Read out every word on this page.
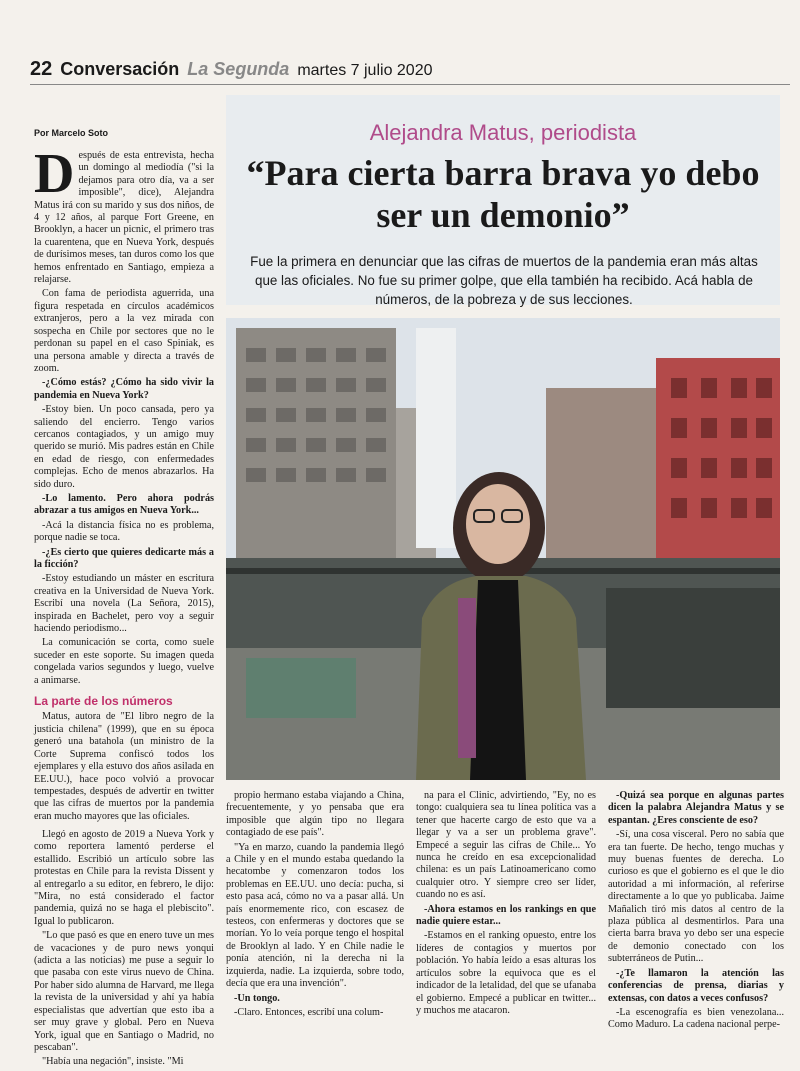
22 Conversación La Segunda martes 7 julio 2020
Por Marcelo Soto

Después de esta entrevista, hecha un domingo al mediodía ("si la dejamos para otro día, va a ser imposible", dice), Alejandra Matus irá con su marido y sus dos niños, de 4 y 12 años, al parque Fort Greene, en Brooklyn, a hacer un picnic, el primero tras la cuarentena, que en Nueva York, después de durísimos meses, tan duros como los que hemos enfrentado en Santiago, empieza a relajarse.

Con fama de periodista aguerrida, una figura respetada en círculos académicos extranjeros, pero a la vez mirada con sospecha en Chile por sectores que no le perdonan su papel en el caso Spiniak, es una persona amable y directa a través de zoom.

-¿Cómo estás? ¿Cómo ha sido vivir la pandemia en Nueva York?

-Estoy bien. Un poco cansada, pero ya saliendo del encierro. Tengo varios cercanos contagiados, y un amigo muy querido se murió. Mis padres están en Chile en edad de riesgo, con enfermedades complejas. Echo de menos abrazarlos. Ha sido duro.

-Lo lamento. Pero ahora podrás abrazar a tus amigos en Nueva York...

-Acá la distancia física no es problema, porque nadie se toca.

-¿Es cierto que quieres dedicarte más a la ficción?

-Estoy estudiando un máster en escritura creativa en la Universidad de Nueva York. Escribí una novela (La Señora, 2015), inspirada en Bachelet, pero voy a seguir haciendo periodismo...

La comunicación se corta, como suele suceder en este soporte. Su imagen queda congelada varios segundos y luego, vuelve a animarse.

La parte de los números

Matus, autora de "El libro negro de la justicia chilena" (1999), que en su época generó una batahola (un ministro de la Corte Suprema confiscó todos los ejemplares y ella estuvo dos años asilada en EE.UU.), hace poco volvió a provocar tempestades, después de advertir en twitter que las cifras de muertos por la pandemia eran mucho mayores que las oficiales.

Alejandra Matus, periodista
“Para cierta barra brava yo debo ser un demonio”
Fue la primera en denunciar que las cifras de muertos de la pandemia eran más altas que las oficiales. No fue su primer golpe, que ella también ha recibido. Acá habla de números, de la pobreza y de sus lecciones.

Llegó en agosto de 2019 a Nueva York y como reportera lamentó perderse el estallido. Escribió un artículo sobre las protestas en Chile para la revista Dissent y al entregarlo a su editor, en febrero, le dijo: "Mira, no está considerado el factor pandemia, quizá no se haga el plebiscito". Igual lo publicaron.

"Lo que pasó es que en enero tuve un mes de vacaciones y de puro news yonqui (adicta a las noticias) me puse a seguir lo que pasaba con este virus nuevo de China. Por haber sido alumna de Harvard, me llega la revista de la universidad y ahí ya había especialistas que advertían que esto iba a ser muy grave y global. Pero en Nueva York, igual que en Santiago o Madrid, no pescaban".

"Había una negación", insiste. "Mi

propio hermano estaba viajando a China, frecuentemente, y yo pensaba que era imposible que algún tipo no llegara contagiado de ese país".

"Ya en marzo, cuando la pandemia llegó a Chile y en el mundo estaba quedando la hecatombe y comenzaron todos los problemas en EE.UU. uno decía: pucha, si esto pasa acá, cómo no va a pasar allá. Un país enormemente rico, con escasez de testeos, con enfermeras y doctores que se morían. Yo lo veía porque tengo el hospital de Brooklyn al lado. Y en Chile nadie le ponía atención, ni la derecha ni la izquierda, nadie. La izquierda, sobre todo, decía que era una invención".

-Un tongo.

-Claro. Entonces, escribí una colum-

na para el Clinic, advirtiendo, "Ey, no es tongo: cualquiera sea tu línea política vas a tener que hacerte cargo de esto que va a llegar y va a ser un problema grave". Empecé a seguir las cifras de Chile... Yo nunca he creído en esa excepcionalidad chilena: es un país Latinoamericano como cualquier otro. Y siempre creo ser líder, cuando no es así.

-Ahora estamos en los rankings en que nadie quiere estar...

-Estamos en el ranking opuesto, entre los líderes de contagios y muertos por población. Yo había leído a esas alturas los artículos sobre la equivoca que es el indicador de la letalidad, del que se ufanaba el gobierno. Empecé a publicar en twitter... y muchos me atacaron.

-Quizá sea porque en algunas partes dicen la palabra Alejandra Matus y se espantan. ¿Eres consciente de eso?

-Sí, una cosa visceral. Pero no sabía que era tan fuerte. De hecho, tengo muchas y muy buenas fuentes de derecha. Lo curioso es que el gobierno es el que le dio autoridad a mi información, al referirse directamente a lo que yo publicaba. Jaime Mañalich tiró mis datos al centro de la plaza pública al desmentirlos. Para una cierta barra brava yo debo ser una especie de demonio conectado con los subterráneos de Putin...

-¿Te llamaron la atención las conferencias de prensa, diarias y extensas, con datos a veces confusos?

-La escenografía es bien venezolana... Como Maduro. La cadena nacional perpe-
